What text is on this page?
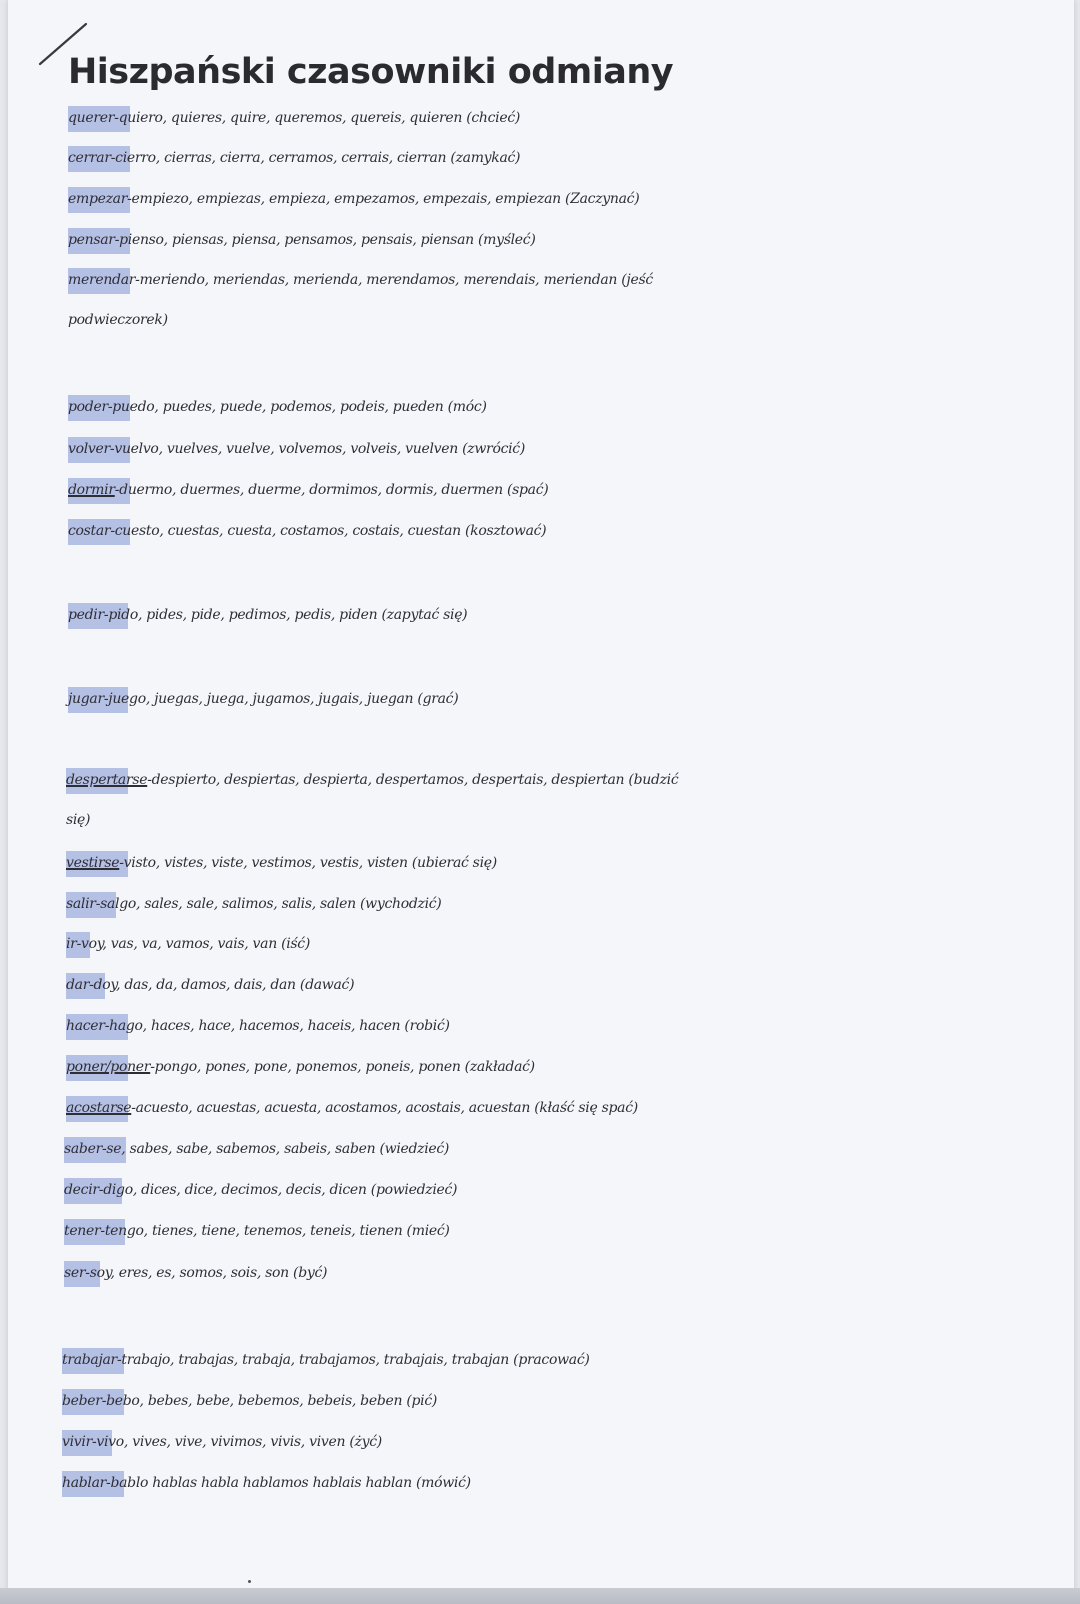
Hiszpański czasowniki odmiany
querer-quiero, quieres, quire, queremos, quereis, quieren (chcieć)
cerrar-cierro, cierras, cierra, cerramos, cerrais, cierran (zamykać)
empezar-empiezo, empiezas, empieza, empezamos, empezais, empiezan (Zaczynać)
pensar-pienso, piensas, piensa, pensamos, pensais, piensan (myśleć)
merendar-meriendo, meriendas, merienda, merendamos, merendais, meriendan (jeść
podwieczorek)
poder-puedo, puedes, puede, podemos, podeis, pueden (móc)
volver-vuelvo, vuelves, vuelve, volvemos, volveis, vuelven (zwrócić)
dormir-duermo, duermes, duerme, dormimos, dormis, duermen (spać)
costar-cuesto, cuestas, cuesta, costamos, costais, cuestan (kosztować)
pedir-pido, pides, pide, pedimos, pedis, piden (zapytać się)
jugar-juego, juegas, juega, jugamos, jugais, juegan (grać)
despertarse-despierto, despiertas, despierta, despertamos, despertais, despiertan (budzić
się)
vestirse-visto, vistes, viste, vestimos, vestis, visten (ubierać się)
salir-salgo, sales, sale, salimos, salis, salen (wychodzić)
ir-voy, vas, va, vamos, vais, van (iść)
dar-doy, das, da, damos, dais, dan (dawać)
hacer-hago, haces, hace, hacemos, haceis, hacen (robić)
poner/poner-pongo, pones, pone, ponemos, poneis, ponen (zakładać)
acostarse-acuesto, acuestas, acuesta, acostamos, acostais, acuestan (kłaść się spać)
saber-se, sabes, sabe, sabemos, sabeis, saben (wiedzieć)
decir-digo, dices, dice, decimos, decis, dicen (powiedzieć)
tener-tengo, tienes, tiene, tenemos, teneis, tienen (mieć)
ser-soy, eres, es, somos, sois, son (być)
trabajar-trabajo, trabajas, trabaja, trabajamos, trabajais, trabajan (pracować)
beber-bebo, bebes, bebe, bebemos, bebeis, beben (pić)
vivir-vivo, vives, vive, vivimos, vivis, viven (żyć)
hablar-bablo hablas habla hablamos hablais hablan (mówić)
